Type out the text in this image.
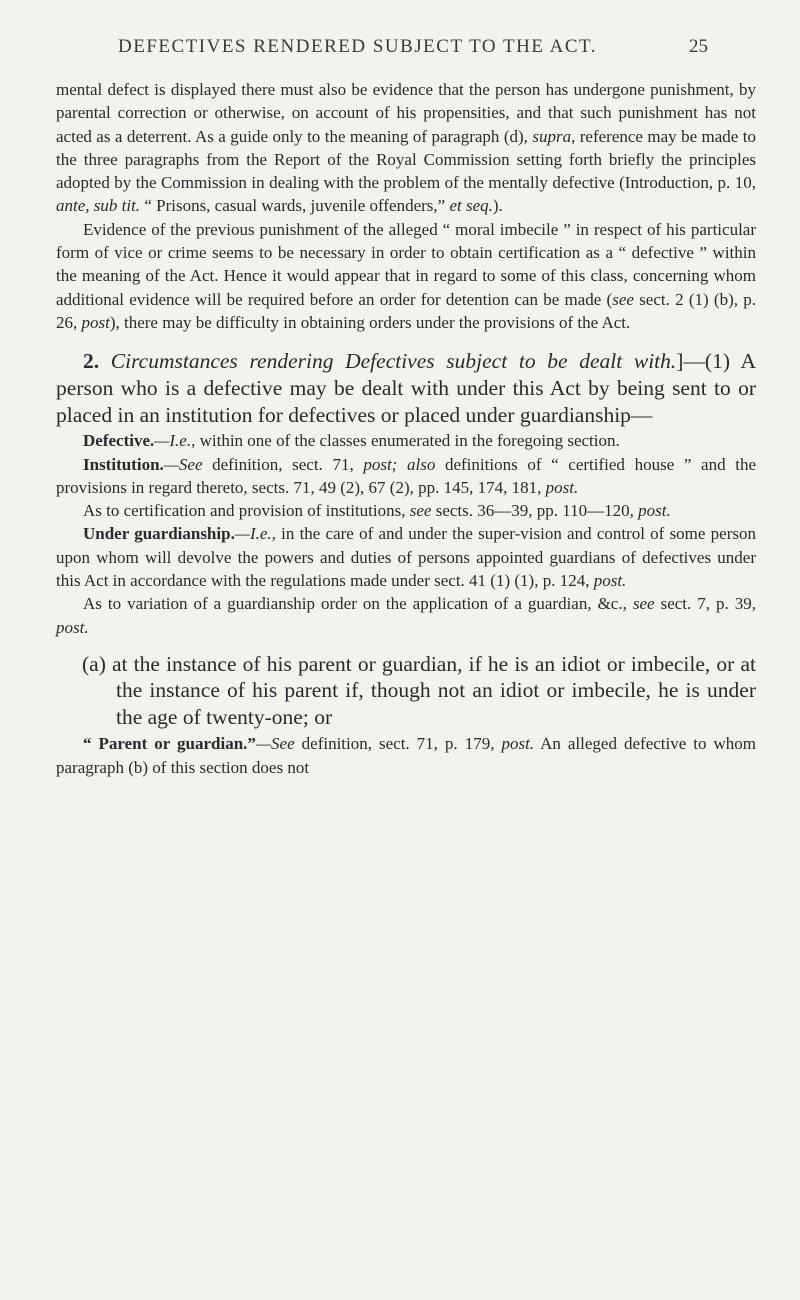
DEFECTIVES RENDERED SUBJECT TO THE ACT.	25

mental defect is displayed there must also be evidence that the person has undergone punishment, by parental correction or otherwise, on account of his propensities, and that such punishment has not acted as a deterrent. As a guide only to the meaning of paragraph (d), supra, reference may be made to the three paragraphs from the Report of the Royal Commission setting forth briefly the principles adopted by the Commission in dealing with the problem of the mentally defective (Introduction, p. 10, ante, sub tit. “ Prisons, casual wards, juvenile offenders,” et seq.).

Evidence of the previous punishment of the alleged “ moral imbecile ” in respect of his particular form of vice or crime seems to be necessary in order to obtain certification as a “ defective ” within the meaning of the Act. Hence it would appear that in regard to some of this class, concerning whom additional evidence will be required before an order for detention can be made (see sect. 2 (1) (b), p. 26, post), there may be difficulty in obtaining orders under the provisions of the Act.

2. Circumstances rendering Defectives subject to be dealt with.]—(1) A person who is a defective may be dealt with under this Act by being sent to or placed in an institution for defectives or placed under guardianship—

Defective.—I.e., within one of the classes enumerated in the foregoing section.

Institution.—See definition, sect. 71, post; also definitions of “ certified house ” and the provisions in regard thereto, sects. 71, 49 (2), 67 (2), pp. 145, 174, 181, post.

As to certification and provision of institutions, see sects. 36—39, pp. 110—120, post.

Under guardianship.—I.e., in the care of and under the super-vision and control of some person upon whom will devolve the powers and duties of persons appointed guardians of defectives under this Act in accordance with the regulations made under sect. 41 (1) (1), p. 124, post.

As to variation of a guardianship order on the application of a guardian, &c., see sect. 7, p. 39, post.

(a) at the instance of his parent or guardian, if he is an idiot or imbecile, or at the instance of his parent if, though not an idiot or imbecile, he is under the age of twenty-one; or

“ Parent or guardian.”—See definition, sect. 71, p. 179, post. An alleged defective to whom paragraph (b) of this section does not
